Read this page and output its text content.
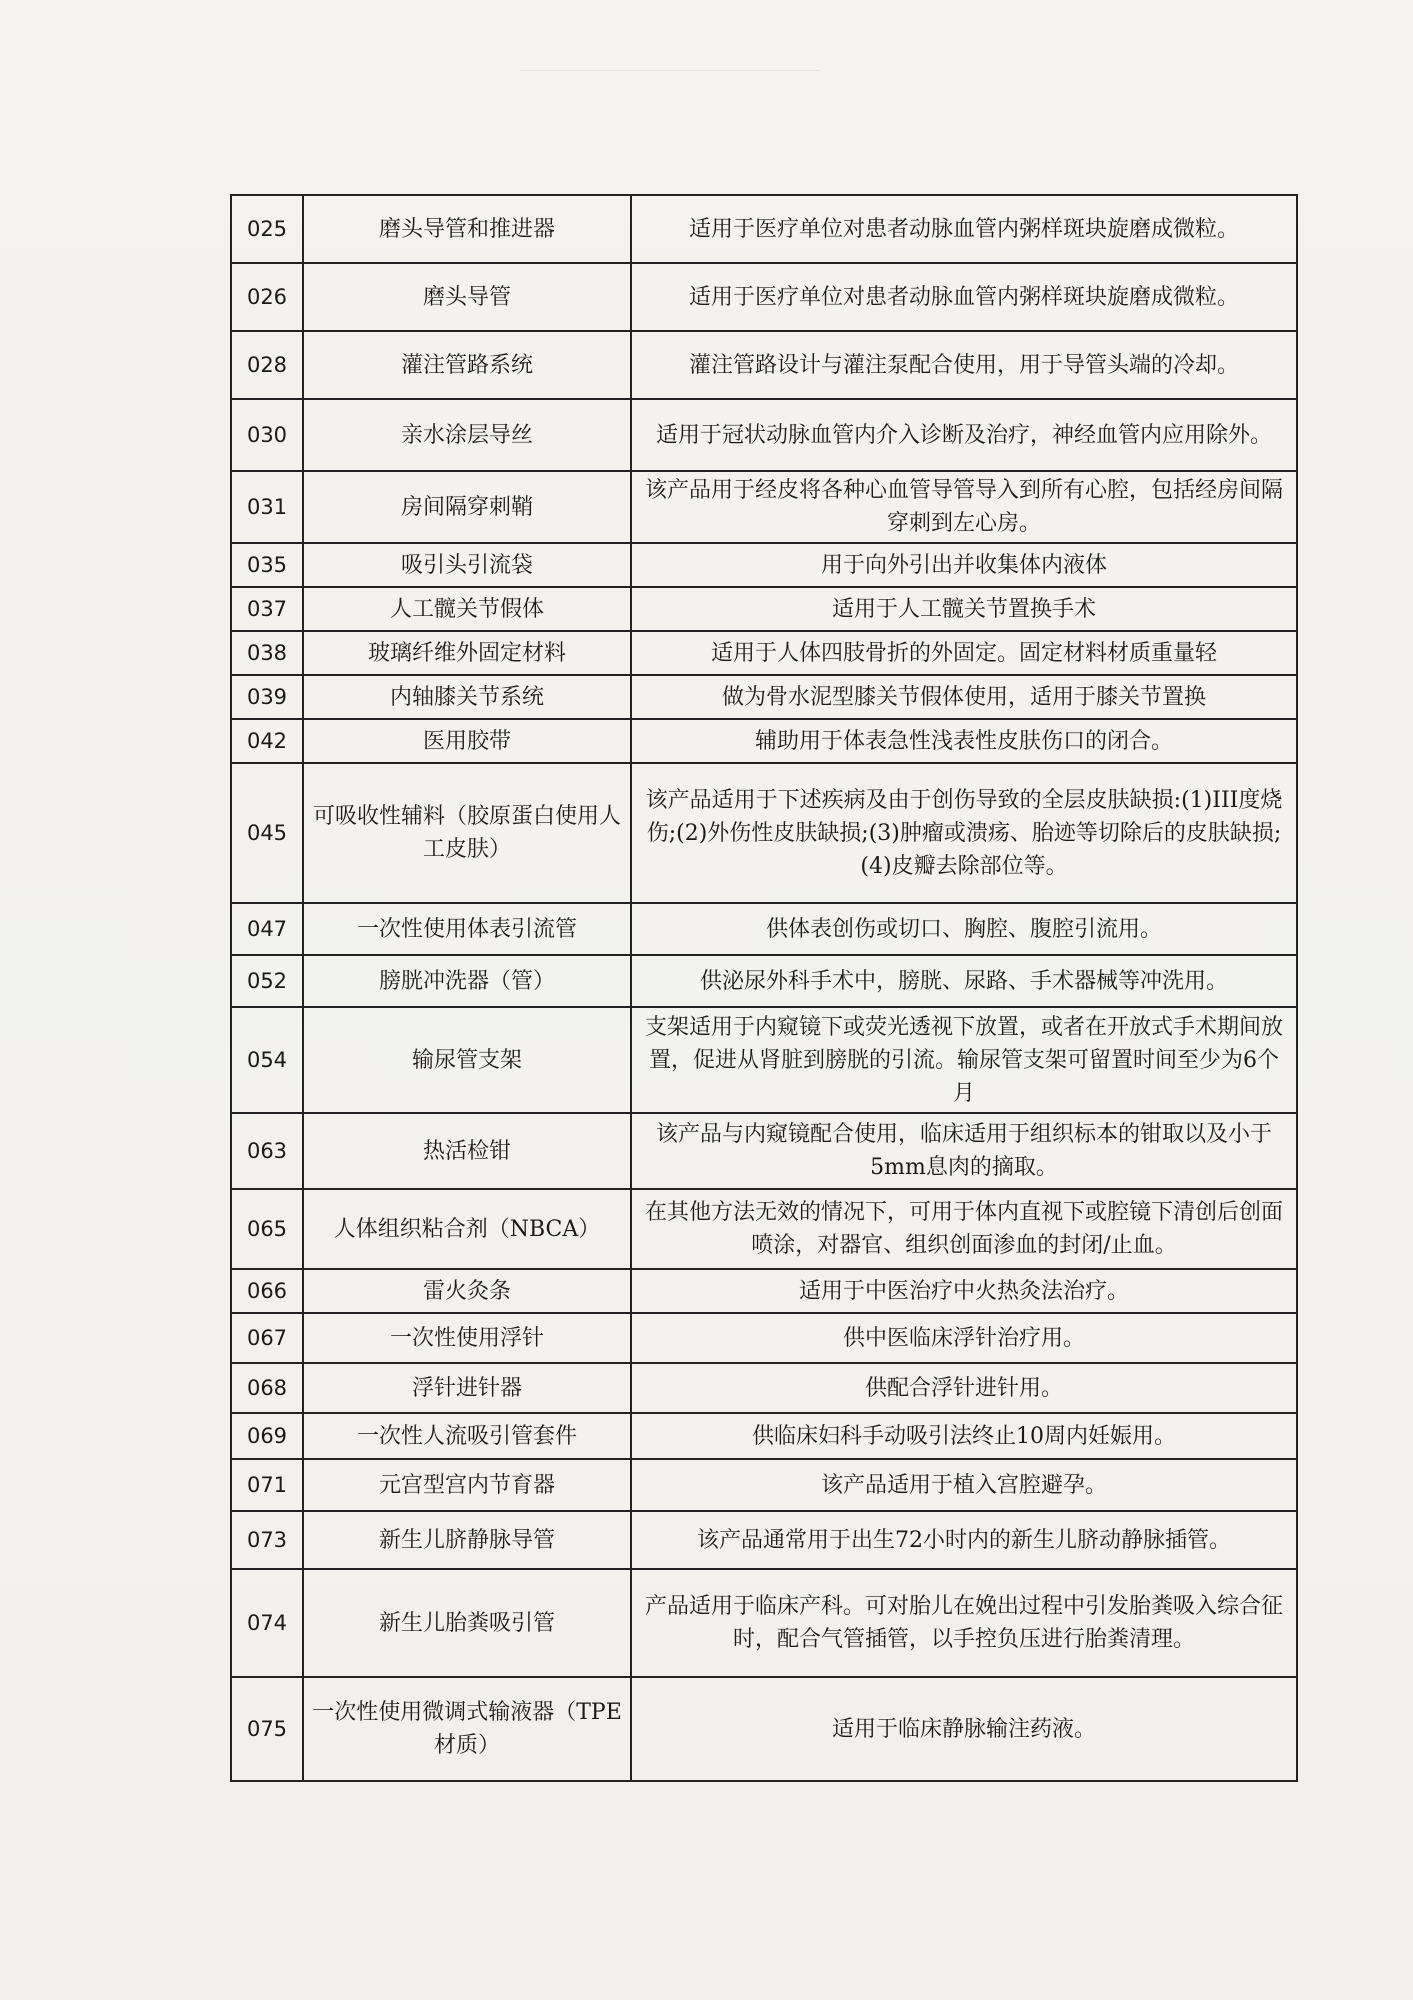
025	磨头导管和推进器	适用于医疗单位对患者动脉血管内粥样斑块旋磨成微粒。
026	磨头导管	适用于医疗单位对患者动脉血管内粥样斑块旋磨成微粒。
028	灌注管路系统	灌注管路设计与灌注泵配合使用，用于导管头端的冷却。
030	亲水涂层导丝	适用于冠状动脉血管内介入诊断及治疗，神经血管内应用除外。
031	房间隔穿刺鞘	该产品用于经皮将各种心血管导管导入到所有心腔，包括经房间隔穿刺到左心房。
035	吸引头引流袋	用于向外引出并收集体内液体
037	人工髋关节假体	适用于人工髋关节置换手术
038	玻璃纤维外固定材料	适用于人体四肢骨折的外固定。固定材料材质重量轻
039	内轴膝关节系统	做为骨水泥型膝关节假体使用，适用于膝关节置换
042	医用胶带	辅助用于体表急性浅表性皮肤伤口的闭合。
045	可吸收性辅料（胶原蛋白使用人工皮肤）	该产品适用于下述疾病及由于创伤导致的全层皮肤缺损:(1)III度烧伤;(2)外伤性皮肤缺损;(3)肿瘤或溃疡、胎迹等切除后的皮肤缺损;(4)皮瓣去除部位等。
047	一次性使用体表引流管	供体表创伤或切口、胸腔、腹腔引流用。
052	膀胱冲洗器（管）	供泌尿外科手术中，膀胱、尿路、手术器械等冲洗用。
054	输尿管支架	支架适用于内窥镜下或荧光透视下放置，或者在开放式手术期间放置，促进从肾脏到膀胱的引流。输尿管支架可留置时间至少为6个月
063	热活检钳	该产品与内窥镜配合使用，临床适用于组织标本的钳取以及小于5mm息肉的摘取。
065	人体组织粘合剂（NBCA）	在其他方法无效的情况下，可用于体内直视下或腔镜下清创后创面喷涂，对器官、组织创面渗血的封闭/止血。
066	雷火灸条	适用于中医治疗中火热灸法治疗。
067	一次性使用浮针	供中医临床浮针治疗用。
068	浮针进针器	供配合浮针进针用。
069	一次性人流吸引管套件	供临床妇科手动吸引法终止10周内妊娠用。
071	元宫型宫内节育器	该产品适用于植入宫腔避孕。
073	新生儿脐静脉导管	该产品通常用于出生72小时内的新生儿脐动静脉插管。
074	新生儿胎粪吸引管	产品适用于临床产科。可对胎儿在娩出过程中引发胎粪吸入综合征时，配合气管插管，以手控负压进行胎粪清理。
075	一次性使用微调式输液器（TPE材质）	适用于临床静脉输注药液。
